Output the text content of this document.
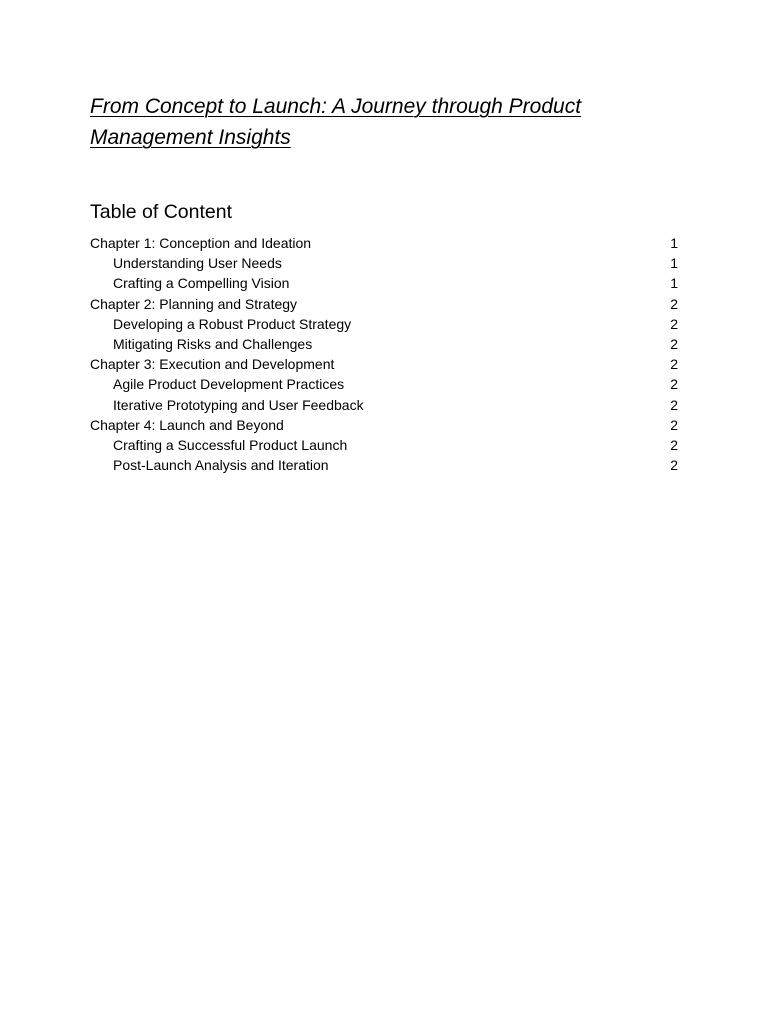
From Concept to Launch: A Journey through Product Management Insights
Table of Content
Chapter 1: Conception and Ideation	1
Understanding User Needs	1
Crafting a Compelling Vision	1
Chapter 2: Planning and Strategy	2
Developing a Robust Product Strategy	2
Mitigating Risks and Challenges	2
Chapter 3: Execution and Development	2
Agile Product Development Practices	2
Iterative Prototyping and User Feedback	2
Chapter 4: Launch and Beyond	2
Crafting a Successful Product Launch	2
Post-Launch Analysis and Iteration	2
